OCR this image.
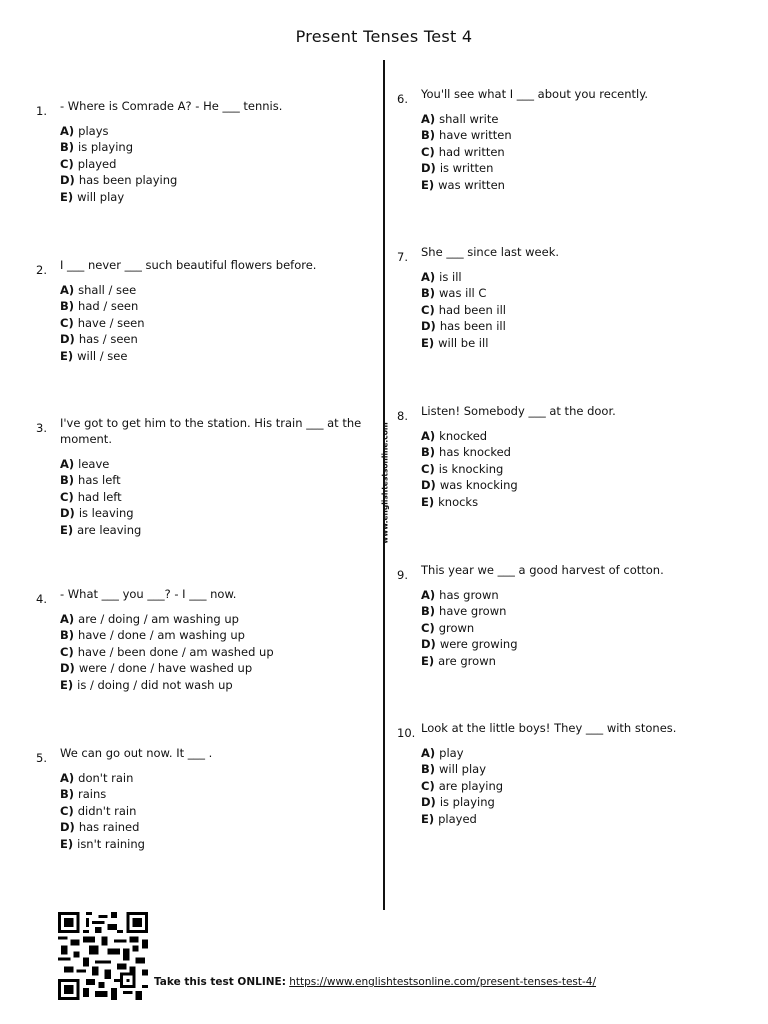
Present Tenses Test 4
www.englishtestsonline.com
1. - Where is Comrade A? - He ___ tennis.
A) plays
B) is playing
C) played
D) has been playing
E) will play
2. I ___ never ___ such beautiful flowers before.
A) shall / see
B) had / seen
C) have / seen
D) has / seen
E) will / see
3. I've got to get him to the station. His train ___ at the moment.
A) leave
B) has left
C) had left
D) is leaving
E) are leaving
4. - What ___ you ___? - I ___ now.
A) are / doing / am washing up
B) have / done / am washing up
C) have / been done / am washed up
D) were / done / have washed up
E) is / doing / did not wash up
5. We can go out now. It ___ .
A) don't rain
B) rains
C) didn't rain
D) has rained
E) isn't raining
6. You'll see what I ___ about you recently.
A) shall write
B) have written
C) had written
D) is written
E) was written
7. She ___ since last week.
A) is ill
B) was ill C
C) had been ill
D) has been ill
E) will be ill
8. Listen! Somebody ___ at the door.
A) knocked
B) has knocked
C) is knocking
D) was knocking
E) knocks
9. This year we ___ a good harvest of cotton.
A) has grown
B) have grown
C) grown
D) were growing
E) are grown
10. Look at the little boys! They ___ with stones.
A) play
B) will play
C) are playing
D) is playing
E) played
Take this test ONLINE: https://www.englishtestsonline.com/present-tenses-test-4/
